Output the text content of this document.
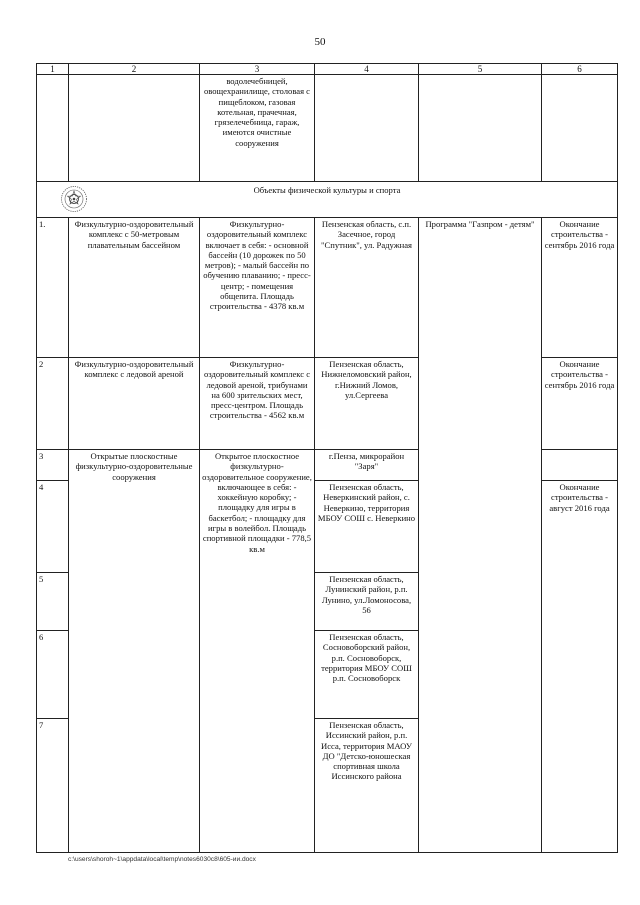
50
1	2	3	4	5	6
		водолечебницей, овощехранилище, столовая с пищеблоком, газовая котельная, прачечная, грязелечебница, гараж, имеются очистные сооружения			

Объекты физической культуры и спорта					

1.	Физкультурно-оздоровительный комплекс с 50-метровым плавательным бассейном	Физкультурно-оздоровительный комплекс включает в себя: - основной бассейн (10 дорожек по 50 метров); - малый бассейн по обучению плаванию; - пресс-центр; - помещения общепита. Площадь строительства - 4378 кв.м	Пензенская область, с.п. Засечное, город "Спутник", ул. Радужная	Программа "Газпром - детям"	Окончание строительства - сентябрь 2016 года
2	Физкультурно-оздоровительный комплекс с ледовой ареной	Физкультурно-оздоровительный комплекс с ледовой ареной, трибунами на 600 зрительских мест, пресс-центром. Площадь строительства - 4562 кв.м	Пензенская область, Нижнеломовский район, г.Нижний Ломов, ул.Сергеева		Окончание строительства - сентябрь 2016 года
3	Открытые плоскостные физкультурно-оздоровительные сооружения	Открытое плоскостное физкультурно-оздоровительное сооружение, включающее в себя: - хоккейную коробку; - площадку для игры в баскетбол; - площадку для игры в волейбол. Площадь спортивной площадки - 778,5 кв.м	г.Пенза, микрорайон "Заря"		
4			Пензенская область, Неверкинский район, с. Неверкино, территория МБОУ СОШ с. Неверкино		Окончание строительства - август 2016 года
5			Пензенская область, Лунинский район, р.п. Лунино, ул.Ломоносова, 56		
6			Пензенская область, Сосновоборский район, р.п. Сосновоборск, территория МБОУ СОШ р.п. Сосновоборск		
7			Пензенская область, Иссинский район, р.п. Исса, территория МАОУ ДО "Детско-юношеская спортивная школа Иссинского района		
c:\users\shoroh~1\appdata\local\temp\notes6030c8\605-ии.docx
